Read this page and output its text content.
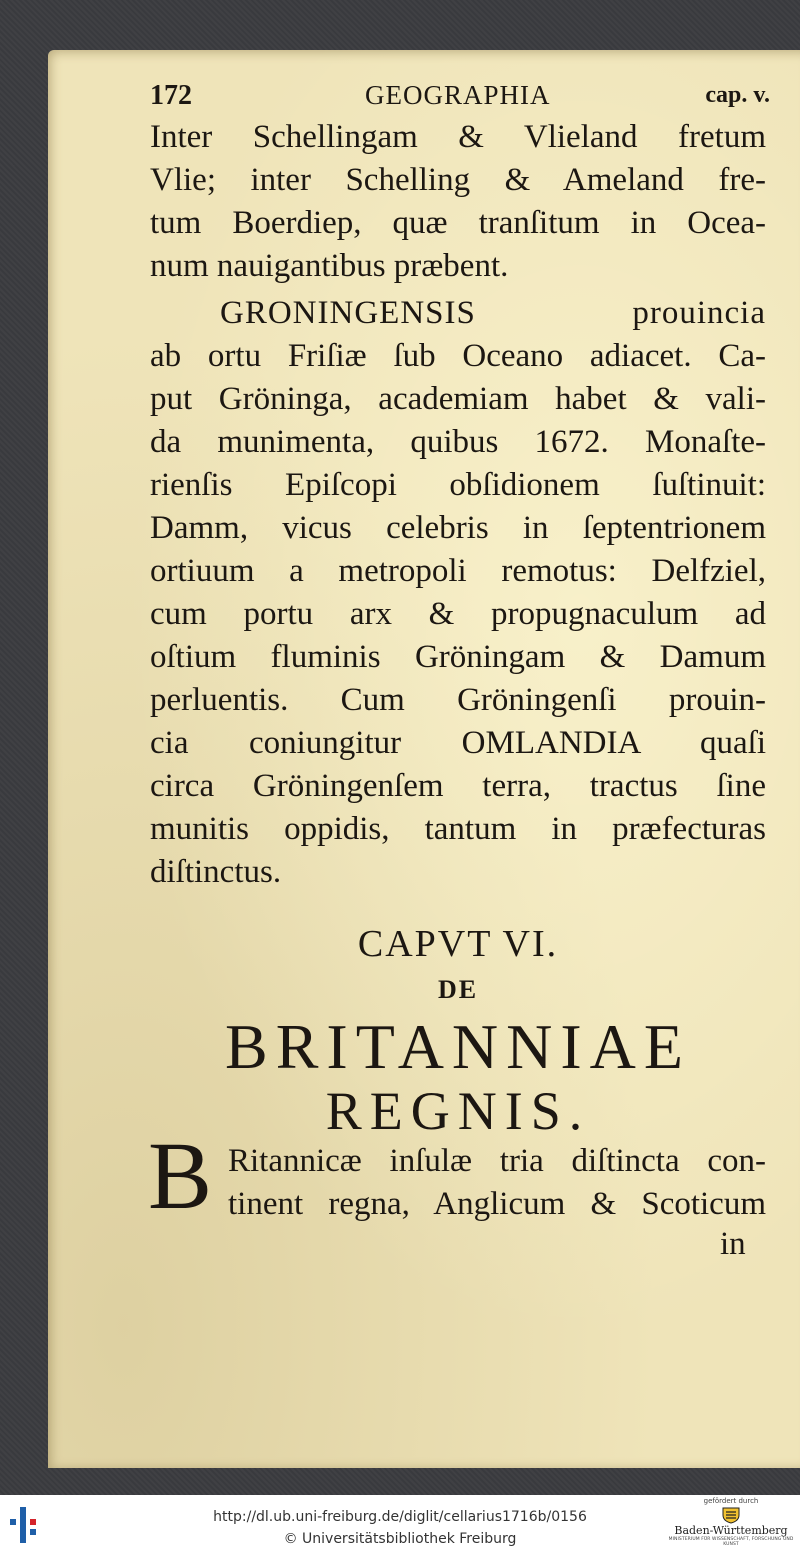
172	GEOGRAPHIA	cap. v.
Inter Schellingam & Vlieland fretum
Vlie; inter Schelling & Ameland fre-
tum Boerdiep, quæ tranſitum in Ocea-
num nauigantibus præbent.
GRONINGENSIS prouincia
ab ortu Friſiæ ſub Oceano adiacet. Ca-
put Gröninga, academiam habet & vali-
da munimenta, quibus 1672. Monaſte-
rienſis Epiſcopi obſidionem ſuſtinuit:
Damm, vicus celebris in ſeptentrionem
ortiuum a metropoli remotus: Delfziel,
cum portu arx & propugnaculum ad
oſtium fluminis Gröningam & Damum
perluentis. Cum Gröningenſi prouin-
cia coniungitur OMLANDIA quaſi
circa Gröningenſem terra, tractus ſine
munitis oppidis, tantum in præfecturas
diſtinctus.
CAPVT VI.
DE
BRITANNIAE
REGNIS.
B Ritannicæ inſulæ tria diſtincta con-
tinent regna, Anglicum & Scoticum
in
http://dl.ub.uni-freiburg.de/diglit/cellarius1716b/0156
© Universitätsbibliothek Freiburg
gefördert durch
Baden-Württemberg
MINISTERIUM FÜR WISSENSCHAFT, FORSCHUNG UND KUNST
